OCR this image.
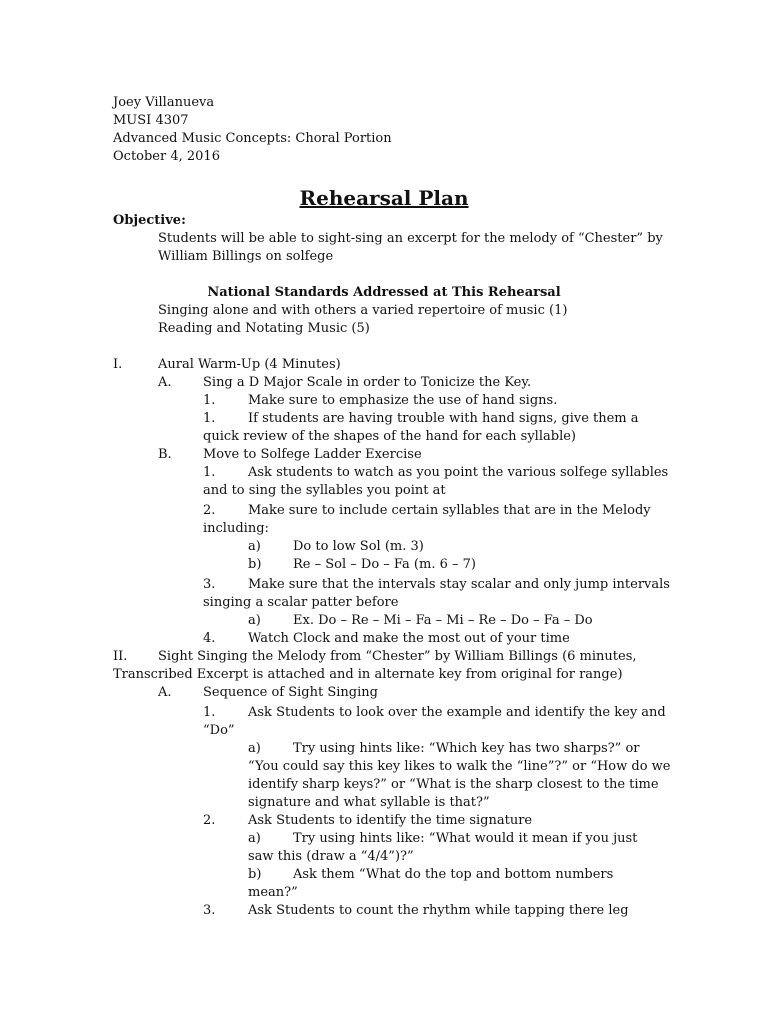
Joey Villanueva
MUSI 4307
Advanced Music Concepts: Choral Portion
October 4, 2016
Rehearsal Plan
Objective:
Students will be able to sight-sing an excerpt for the melody of “Chester” by
William Billings on solfege
National Standards Addressed at This Rehearsal
Singing alone and with others a varied repertoire of music (1)
Reading and Notating Music (5)
I.	Aural Warm-Up (4 Minutes)
A. Sing a D Major Scale in order to Tonicize the Key.
1.	Make sure to emphasize the use of hand signs.
1.	If students are having trouble with hand signs, give them a
quick review of the shapes of the hand for each syllable)
B. Move to Solfege Ladder Exercise
1.	Ask students to watch as you point the various solfege syllables
and to sing the syllables you point at
2.	Make sure to include certain syllables that are in the Melody
including:
a) Do to low Sol (m. 3)
b) Re – Sol – Do – Fa (m. 6 – 7)
3.	Make sure that the intervals stay scalar and only jump intervals
singing a scalar patter before
a) Ex. Do – Re – Mi – Fa – Mi – Re – Do – Fa – Do
4.	Watch Clock and make the most out of your time
II. Sight Singing the Melody from “Chester” by William Billings (6 minutes,
Transcribed Excerpt is attached and in alternate key from original for range)
A. Sequence of Sight Singing
1.	Ask Students to look over the example and identify the key and
“Do”
a) Try using hints like: “Which key has two sharps?” or
“You could say this key likes to walk the “line”?” or “How do we
identify sharp keys?” or “What is the sharp closest to the time
signature and what syllable is that?”
2.	Ask Students to identify the time signature
a) Try using hints like: “What would it mean if you just
saw this (draw a “4/4”)?”
b) Ask them “What do the top and bottom numbers
mean?”
3.	Ask Students to count the rhythm while tapping there leg
